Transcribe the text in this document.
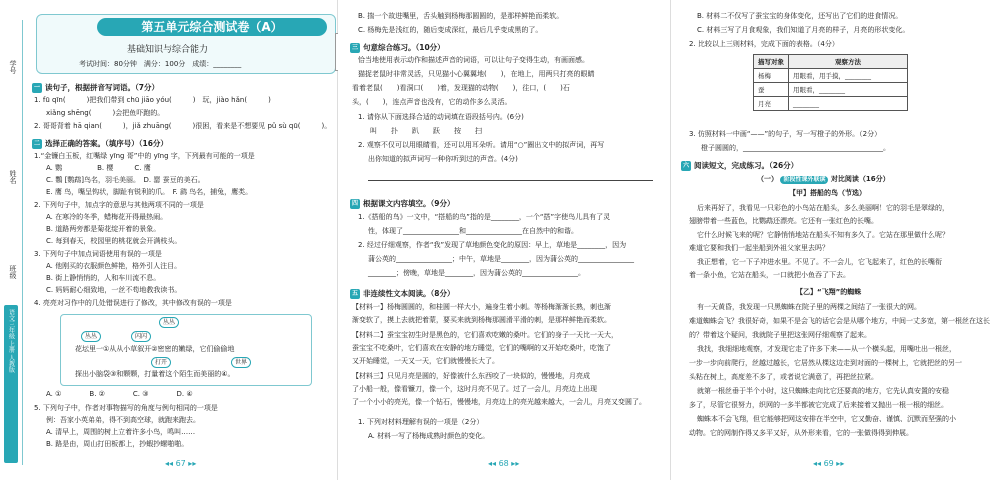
学号
姓名
班级
语文三年级 上册 人教版
第五单元综合测试卷（A）
基础知识与综合能力
考试时间：80分钟　满分：100分　成绩：________
一 读句子，根据拼音写词语。（7分）
1. fū qīn(　　　)把我们带到 chū jiāo yóu(　　　)　玩，jiào hǎn(　　　)
xiǎng shēng(　　　)会把鱼吓跑的。
2. 哥哥背着 hā qian(　　　)，jiǎ zhuāng(　　　)很困，看来是不想要见 pǔ sù qū(　　　)。
二 选择正确的答案。（填序号）（16分）
1.“金镰白玉板，红嘴绿 yīng 哥”中的 yīng 字，下列最有可能的一项是
A. 鹦　　　　　B. 樱　　　C. 鹰
C. 鸚 [鹦鹉]鸟名，羽毛美丽。　D. 罂 蚕豆的美石。
E. 鹰 鸟，嘴呈钩状，脚趾有锐利的爪。　F. 鹞 鸟名，捕兔，鹰类。
2. 下列句子中，加点字的意思与其他两项不同的一项是
A. 在寒冷的冬季，蜡梅花开得最热闹。
B. 道路两旁都是菊花绽开着的景象。
C. 每到春天，校园里的桃花就会开满枝头。
3. 下列句子中加点词语使用有误的一项是
A. 他刚买的衣服颜色鲜艳，格外引人注目。
B. 街上静悄悄的，人和车川流不息。
C. 妈妈耐心细致地，一丝不苟地教我读书。
4. 亮亮对习作中的几处错误进行了修改，其中修改有误的一项是
丛丛
丛丛	闪闪
花坛里一①从从小草叙开②密密的嫩绿，它们偷偷地
打开	世界
探出小脑袋③和颗颗，打量着这个陌生而美丽的④。
A. ①　　　　B. ②　　　　C. ③　　　　D. ④
5. 下列句子中，作者对事物描写的角度与例句相同的一项是
例：吾家小英弟弟，得不到高空球，就跑来跑去。
A. 清早上，周围的树上立着许多小鸟，鸣叫……
B. 路是由，周山打田板都上，抄蝦抄螺啪啪。
◂◂ 67 ▸▸
B. 揣一个故进嘴里，舌头触到杨梅那圆圆的，是那样鲜艳而柔软。
C. 杨梅先是浅红的，随后变成深红，最后几乎变成黑的了。
三 句意综合练习。（10分）
恰当地使用表示动作和描述声音的词语，可以让句子变得生动，有画面感。
猫捉老鼠时非常灵活，只见猫小心翼翼地(　　)，在地上，用两只打亮的眼睛
看着老鼠(　　)看洞口(　　)着，发现猫的动物(　　)，往口，(　　)石
头，(　　)，连点声音也没有，它的动作多么灵活。
1. 请你从下面选择合适的动词填在语段括号内。(6分)
叫　　扑　　趴　　跃　　按　　扫
2. 观察不仅可以用眼睛看，还可以用耳朵听。请用“○”圈出文中的拟声词，再写
出你知道的拟声词写一种你听到过的声音。(4分)
四 根据课文内容填空。（9分）
1.《搭船的鸟》一文中，“搭船的鸟”指的是________，一个“搭”字使鸟儿具有了灵
性，体现了________________和________________在自然中的和谐。
2. 经过仔细观察，作者“我”发现了草地颜色变化的原因：早上，草地是________，因为
蒲公英的________________；中午，草地是________，因为蒲公英的________________
________；傍晚，草地是________，因为蒲公英的________________。
五 非连续性文本阅读。（8分）
【材料一】杨梅圆圆的，和桂圆一样大小，遍身生着小刺。等杨梅渐渐长熟，刺也渐
渐变软了，摸上去就把着蒙，要买来就到杨梅那圆滑平滑的刺，是那样鲜艳而柔软。
【材料二】蚕宝宝初生时是黑色的，它们喜欢吃嫩的桑叶。它们的身子一天比一天大，
蚕宝宝不吃桑叶，它们喜欢在安静的地方睡觉，它们的嘴啊的又开始吃桑叶，吃饱了
又开始睡觉，一天又一天，它们就慢慢长大了。
【材料三】只见月亮是圆的，好像被什么东西咬了一块似的，慢慢地，月亮成
了小船一般，像看镰刀，像一个，这时月亮不见了。过了一会儿，月亮边上出现
了一个小小的亮光，像一个钻石，慢慢地，月亮边上的亮光越来越大，一会儿，月亮又变圆了。
1. 下列对材料理解有误的一项是（2分）
A. 材料一写了杨梅成熟时颜色的变化。
◂◂ 68 ▸▸
B. 材料二不仅写了蚕宝宝的身体变化，还写出了它们的进食情况。
C. 材料三写了月食观象，我们知道了月亮的样子，月亮的形状变化。
2. 比较以上三则材料，完成下面的表格。（4分）
描写对象	观察方法
杨梅	用眼看，用手摸，________
蚕	用眼看，________
月亮	________
3. 仿照材料一中画“——”的句子，写一写橙子的外形。（2分）
橙子圆圆的，________________________________________。
六 阅读短文，完成练习。（26分）
（一） 阶段性课外联读 对比阅读（16分）
【甲】搭船的鸟（节选）
后来再好了，我看见一只彩色的小鸟站在船头，多么美丽啊！它的羽毛是翠绿的，
翅膀带着一些蓝色，比鹦鹉还漂亮。它还有一张红色的长嘴。
它什么时候飞来的呢？它静悄悄地站在船头不知有多久了。它站在那里做什么呢？
难道它要和我们一起坐船到外祖父家里去吗？
我正想着，它一下子冲进水里。不见了。不一会儿，它飞起来了，红色的长嘴衔
着一条小鱼，它站在船头，一口就把小鱼吞了下去。
【乙】“飞翔”的蜘蛛
有一天黄昏，我发现一只黑蜘蛛在院子里的两棵之间结了一张很大的网。
难道蜘蛛会飞？我很好奇，如果不是会飞的话它会是从哪个地方，中间一丈多宽，第一根丝在这长
的？带着这个疑问，我就院子里把这张网仔细观察了起来。
我找，我细细地观察，才发现它走了许多下来——从一个横头起，用嘴吐出一根丝，
一步一步向前爬行，丝越过越长，它居然从棵这边走到对面的一棵树上，它就把丝的另一
头粘在树上，高度差不多了，或者说它满意了，再把丝拉紧。
就第一根丝垂于半个小时，这只蜘蛛走向比它还要高的地方，它先认真安置的安稳
多了，尽管它很努力，织网的一多半都被它完成了后来接着又抛出一根一根的细丝。
蜘蛛本不会飞翔，但它能够把网这安排在半空中，它又勤奋、谨慎、沉默而坚强的小
动物。它的网制作得又多平又好，从外形来看，它的一张做得得到伸展。
◂◂ 69 ▸▸
